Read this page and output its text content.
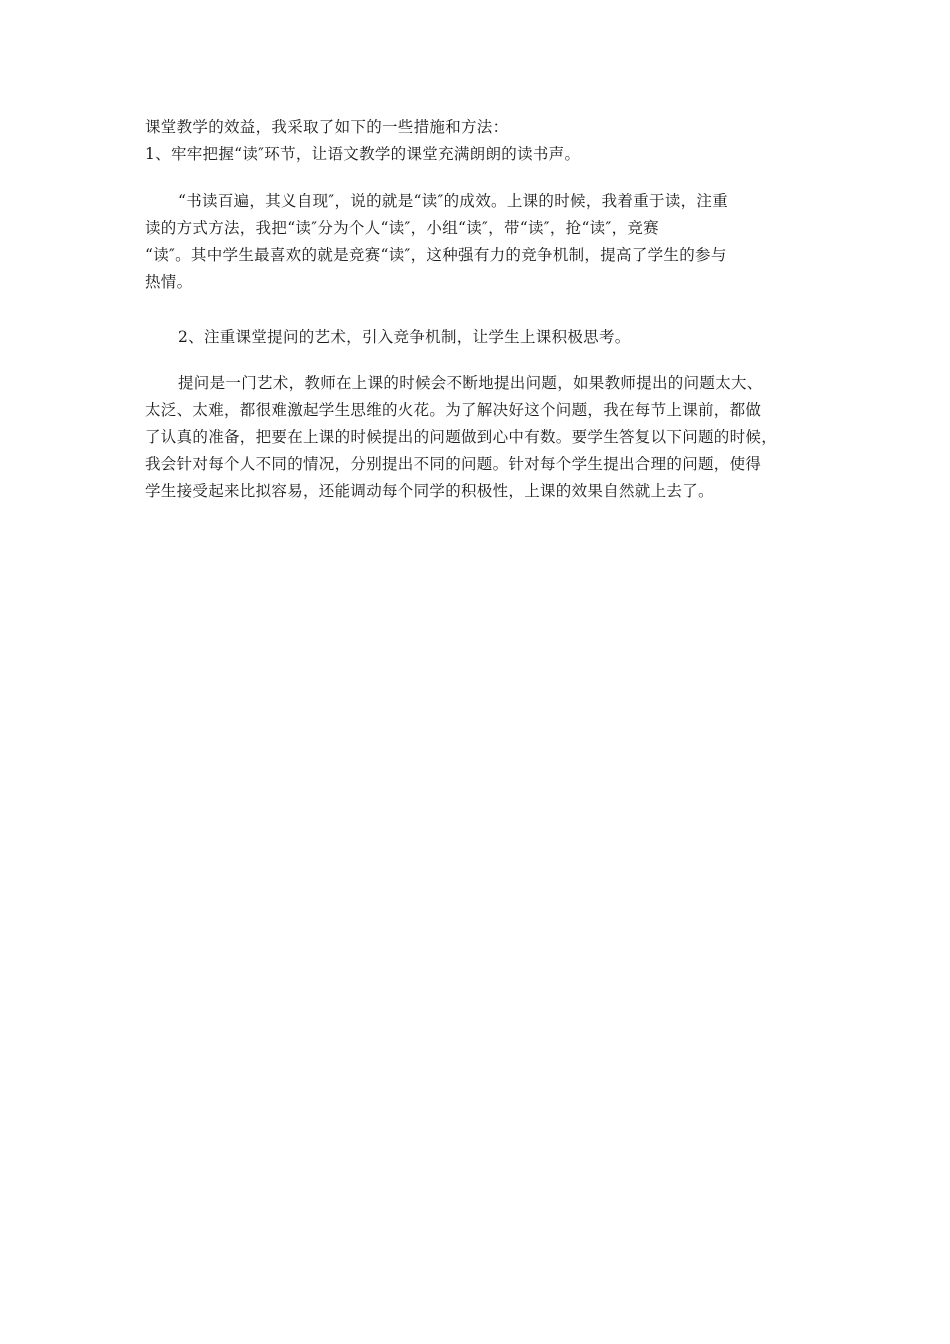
课堂教学的效益，我采取了如下的一些措施和方法：
1、牢牢把握“读″环节，让语文教学的课堂充满朗朗的读书声。
“书读百遍，其义自现″，说的就是“读″的成效。上课的时候，我着重于读，注重
读的方式方法，我把“读″分为个人“读″，小组“读″，带“读″，抢“读″，竞赛
“读″。其中学生最喜欢的就是竞赛“读″，这种强有力的竞争机制，提高了学生的参与
热情。
2、注重课堂提问的艺术，引入竞争机制，让学生上课积极思考。
提问是一门艺术，教师在上课的时候会不断地提出问题，如果教师提出的问题太大、
太泛、太难，都很难激起学生思维的火花。为了解决好这个问题，我在每节上课前，都做
了认真的准备，把要在上课的时候提出的问题做到心中有数。要学生答复以下问题的时候，
我会针对每个人不同的情况，分别提出不同的问题。针对每个学生提出合理的问题，使得
学生接受起来比拟容易，还能调动每个同学的积极性，上课的效果自然就上去了。
